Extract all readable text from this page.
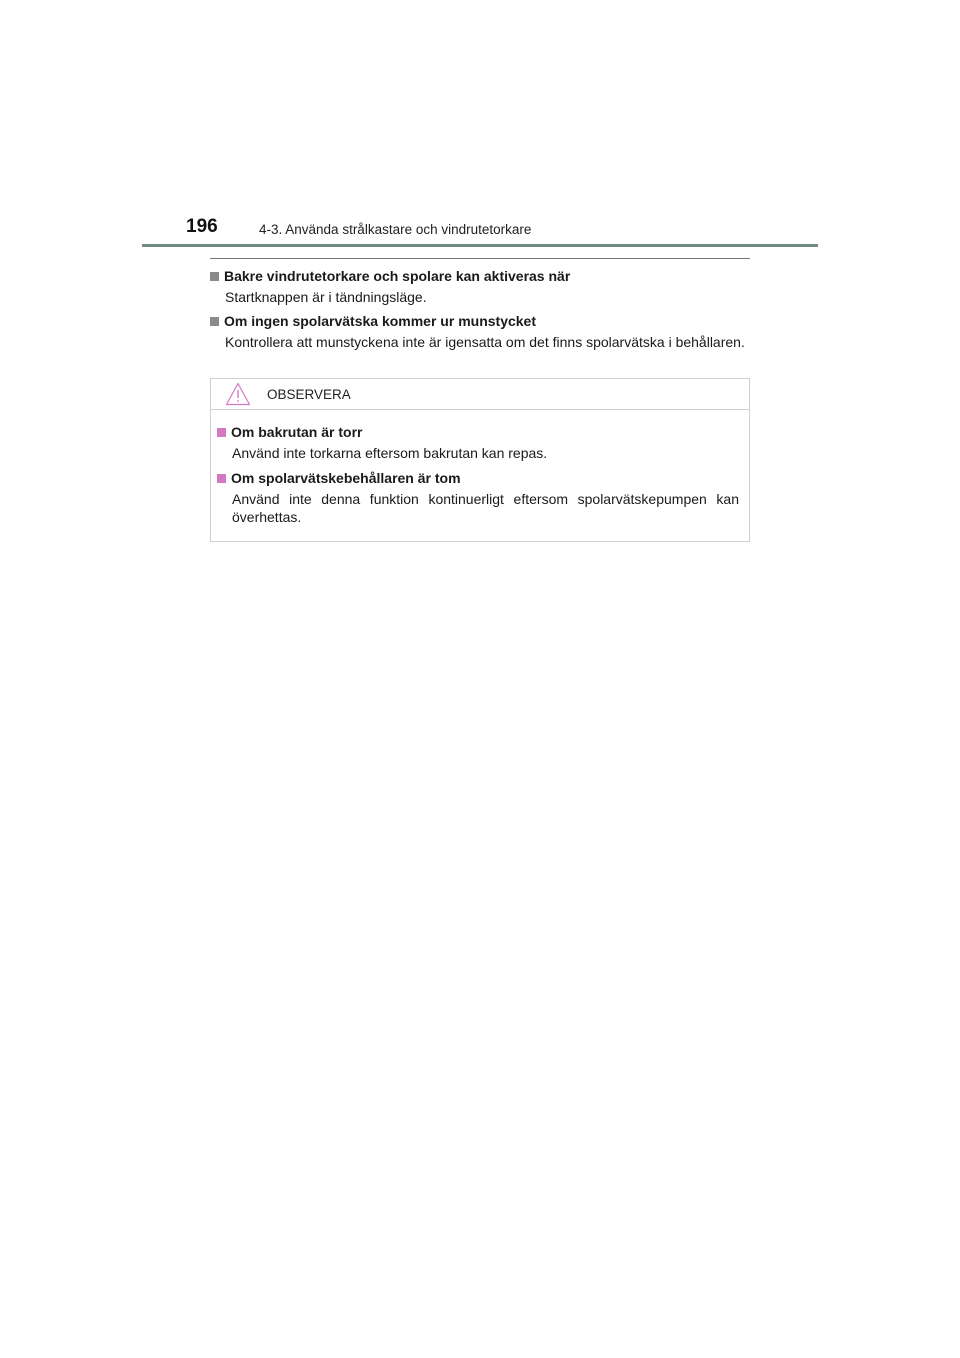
196	4-3. Använda strålkastare och vindrutetorkare
Bakre vindrutetorkare och spolare kan aktiveras när
Startknappen är i tändningsläge.
Om ingen spolarvätska kommer ur munstycket
Kontrollera att munstyckena inte är igensatta om det finns spolarvätska i behållaren.
OBSERVERA
Om bakrutan är torr
Använd inte torkarna eftersom bakrutan kan repas.
Om spolarvätskebehållaren är tom
Använd inte denna funktion kontinuerligt eftersom spolarvätskepumpen kan överhettas.
